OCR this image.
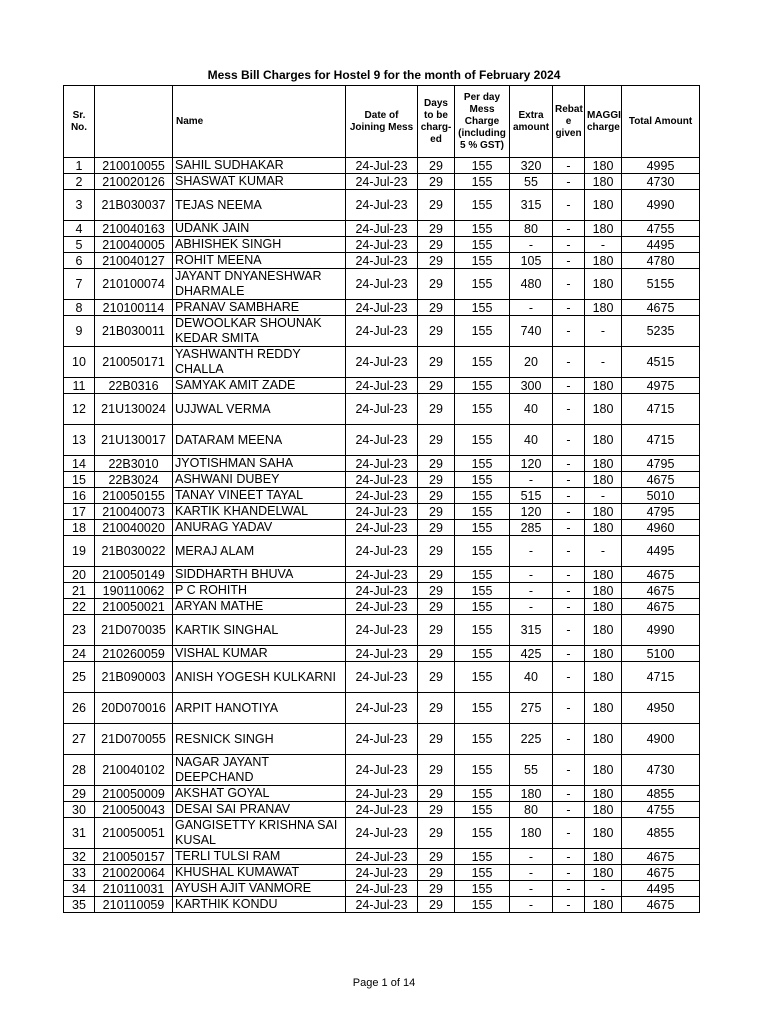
Mess Bill Charges for Hostel 9 for the month of February 2024
Sr. No.		Name	Date of Joining Mess	Days to be charg-ed	Per day Mess Charge (including 5 % GST)	Extra amount	Rebat e given	MAGGI charge	Total Amount
1	210010055	SAHIL SUDHAKAR	24-Jul-23	29	155	320	-	180	4995
2	210020126	SHASWAT KUMAR	24-Jul-23	29	155	55	-	180	4730
3	21B030037	TEJAS NEEMA	24-Jul-23	29	155	315	-	180	4990
4	210040163	UDANK JAIN	24-Jul-23	29	155	80	-	180	4755
5	210040005	ABHISHEK SINGH	24-Jul-23	29	155	-	-	-	4495
6	210040127	ROHIT MEENA	24-Jul-23	29	155	105	-	180	4780
7	210100074	JAYANT DNYANESHWAR DHARMALE	24-Jul-23	29	155	480	-	180	5155
8	210100114	PRANAV SAMBHARE	24-Jul-23	29	155	-	-	180	4675
9	21B030011	DEWOOLKAR SHOUNAK KEDAR SMITA	24-Jul-23	29	155	740	-	-	5235
10	210050171	YASHWANTH REDDY CHALLA	24-Jul-23	29	155	20	-	-	4515
11	22B0316	SAMYAK AMIT ZADE	24-Jul-23	29	155	300	-	180	4975
12	21U130024	UJJWAL VERMA	24-Jul-23	29	155	40	-	180	4715
13	21U130017	DATARAM MEENA	24-Jul-23	29	155	40	-	180	4715
14	22B3010	JYOTISHMAN SAHA	24-Jul-23	29	155	120	-	180	4795
15	22B3024	ASHWANI DUBEY	24-Jul-23	29	155	-	-	180	4675
16	210050155	TANAY VINEET TAYAL	24-Jul-23	29	155	515	-	-	5010
17	210040073	KARTIK KHANDELWAL	24-Jul-23	29	155	120	-	180	4795
18	210040020	ANURAG YADAV	24-Jul-23	29	155	285	-	180	4960
19	21B030022	MERAJ ALAM	24-Jul-23	29	155	-	-	-	4495
20	210050149	SIDDHARTH BHUVA	24-Jul-23	29	155	-	-	180	4675
21	190110062	P C ROHITH	24-Jul-23	29	155	-	-	180	4675
22	210050021	ARYAN MATHE	24-Jul-23	29	155	-	-	180	4675
23	21D070035	KARTIK SINGHAL	24-Jul-23	29	155	315	-	180	4990
24	210260059	VISHAL KUMAR	24-Jul-23	29	155	425	-	180	5100
25	21B090003	ANISH YOGESH KULKARNI	24-Jul-23	29	155	40	-	180	4715
26	20D070016	ARPIT HANOTIYA	24-Jul-23	29	155	275	-	180	4950
27	21D070055	RESNICK SINGH	24-Jul-23	29	155	225	-	180	4900
28	210040102	NAGAR JAYANT DEEPCHAND	24-Jul-23	29	155	55	-	180	4730
29	210050009	AKSHAT GOYAL	24-Jul-23	29	155	180	-	180	4855
30	210050043	DESAI SAI PRANAV	24-Jul-23	29	155	80	-	180	4755
31	210050051	GANGISETTY KRISHNA SAI KUSAL	24-Jul-23	29	155	180	-	180	4855
32	210050157	TERLI TULSI RAM	24-Jul-23	29	155	-	-	180	4675
33	210020064	KHUSHAL KUMAWAT	24-Jul-23	29	155	-	-	180	4675
34	210110031	AYUSH AJIT VANMORE	24-Jul-23	29	155	-	-	-	4495
35	210110059	KARTHIK KONDU	24-Jul-23	29	155	-	-	180	4675
Page 1 of 14
